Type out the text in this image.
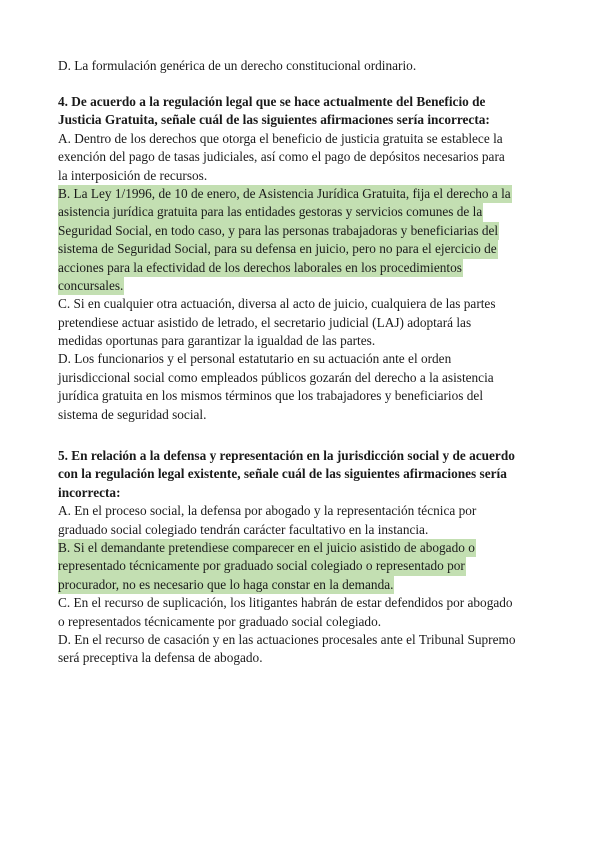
D. La formulación genérica de un derecho constitucional ordinario.
4. De acuerdo a la regulación legal que se hace actualmente del Beneficio de
Justicia Gratuita, señale cuál de las siguientes afirmaciones sería incorrecta:
A. Dentro de los derechos que otorga el beneficio de justicia gratuita se establece la
exención del pago de tasas judiciales, así como el pago de depósitos necesarios para
la interposición de recursos.
B. La Ley 1/1996, de 10 de enero, de Asistencia Jurídica Gratuita, fija el derecho a la
asistencia jurídica gratuita para las entidades gestoras y servicios comunes de la
Seguridad Social, en todo caso, y para las personas trabajadoras y beneficiarias del
sistema de Seguridad Social, para su defensa en juicio, pero no para el ejercicio de
acciones para la efectividad de los derechos laborales en los procedimientos
concursales.
C. Si en cualquier otra actuación, diversa al acto de juicio, cualquiera de las partes
pretendiese actuar asistido de letrado, el secretario judicial (LAJ) adoptará las
medidas oportunas para garantizar la igualdad de las partes.
D. Los funcionarios y el personal estatutario en su actuación ante el orden
jurisdiccional social como empleados públicos gozarán del derecho a la asistencia
jurídica gratuita en los mismos términos que los trabajadores y beneficiarios del
sistema de seguridad social.
5. En relación a la defensa y representación en la jurisdicción social y de acuerdo
con la regulación legal existente, señale cuál de las siguientes afirmaciones sería
incorrecta:
A. En el proceso social, la defensa por abogado y la representación técnica por
graduado social colegiado tendrán carácter facultativo en la instancia.
B. Si el demandante pretendiese comparecer en el juicio asistido de abogado o
representado técnicamente por graduado social colegiado o representado por
procurador, no es necesario que lo haga constar en la demanda.
C. En el recurso de suplicación, los litigantes habrán de estar defendidos por abogado
o representados técnicamente por graduado social colegiado.
D. En el recurso de casación y en las actuaciones procesales ante el Tribunal Supremo
será preceptiva la defensa de abogado.
